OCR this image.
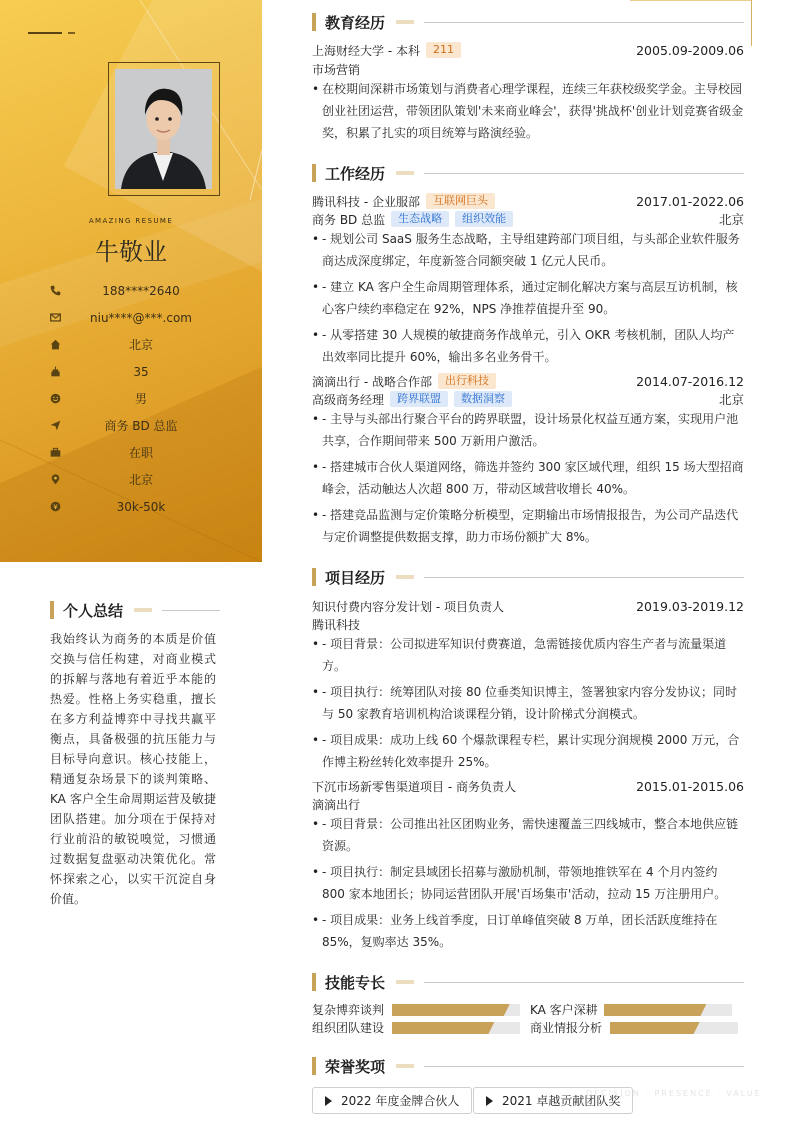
AMAZING RESUME
牛敬业
188****2640
niu****@***.com
北京
35
男
商务 BD 总监
在职
北京
30k-50k
个人总结
我始终认为商务的本质是价值交换与信任构建，对商业模式的拆解与落地有着近乎本能的热爱。性格上务实稳重，擅长在多方利益博弈中寻找共赢平衡点，具备极强的抗压能力与目标导向意识。核心技能上，精通复杂场景下的谈判策略、KA 客户全生命周期运营及敏捷团队搭建。加分项在于保持对行业前沿的敏锐嗅觉，习惯通过数据复盘驱动决策优化。常怀探索之心，以实干沉淀自身价值。
教育经历
上海财经大学 - 本科	211	2005.09-2009.06
市场营销
• 在校期间深耕市场策划与消费者心理学课程，连续三年获校级奖学金。主导校园创业社团运营，带领团队策划'未来商业峰会'，获得'挑战杯'创业计划竞赛省级金奖，积累了扎实的项目统筹与路演经验。
工作经历
腾讯科技 - 企业服部	互联网巨头	2017.01-2022.06
商务 BD 总监	生态战略	组织效能	北京
• - 规划公司 SaaS 服务生态战略，主导组建跨部门项目组，与头部企业软件服务商达成深度绑定，年度新签合同额突破 1 亿元人民币。
• - 建立 KA 客户全生命周期管理体系，通过定制化解决方案与高层互访机制，核心客户续约率稳定在 92%，NPS 净推荐值提升至 90。
• - 从零搭建 30 人规模的敏捷商务作战单元，引入 OKR 考核机制，团队人均产出效率同比提升 60%，输出多名业务骨干。
滴滴出行 - 战略合作部	出行科技	2014.07-2016.12
高级商务经理	跨界联盟	数据洞察	北京
• - 主导与头部出行聚合平台的跨界联盟，设计场景化权益互通方案，实现用户池共享，合作期间带来 500 万新用户激活。
• - 搭建城市合伙人渠道网络，筛选并签约 300 家区域代理，组织 15 场大型招商峰会，活动触达人次超 800 万，带动区域营收增长 40%。
• - 搭建竞品监测与定价策略分析模型，定期输出市场情报报告，为公司产品迭代与定价调整提供数据支撑，助力市场份额扩大 8%。
项目经历
知识付费内容分发计划 - 项目负责人	2019.03-2019.12
腾讯科技
• - 项目背景：公司拟进军知识付费赛道，急需链接优质内容生产者与流量渠道方。
• - 项目执行：统筹团队对接 80 位垂类知识博主，签署独家内容分发协议；同时与 50 家教育培训机构洽谈课程分销，设计阶梯式分润模式。
• - 项目成果：成功上线 60 个爆款课程专栏，累计实现分润规模 2000 万元，合作博主粉丝转化效率提升 25%。
下沉市场新零售渠道项目 - 商务负责人	2015.01-2015.06
滴滴出行
• - 项目背景：公司推出社区团购业务，需快速覆盖三四线城市，整合本地供应链资源。
• - 项目执行：制定县域团长招募与激励机制，带领地推铁军在 4 个月内签约 800 家本地团长；协同运营团队开展'百场集市'活动，拉动 15 万注册用户。
• - 项目成果：业务上线首季度，日订单峰值突破 8 万单，团长活跃度维持在 85%，复购率达 35%。
技能专长
复杂博弈谈判	KA 客户深耕
组织团队建设	商业情报分析
荣誉奖项
2022 年度金牌合伙人	2021 卓越贡献团队奖
DECISION · PRESENCE · VALUE
